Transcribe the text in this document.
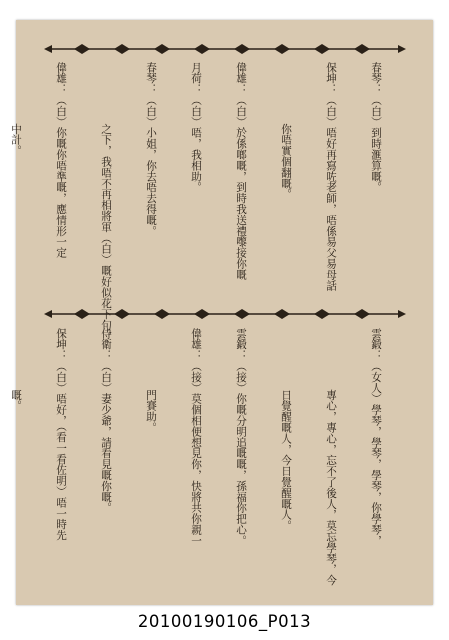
春琴：（白）到時滙算嘅。

保坤：（白）唔好再寫咗老師，唔係易父易母話

你唔實個翻嘅。

偉雄：（白）於係啷嘅，到時我送禮嚟接你嘅

月荷：（白）唔，我相助。

春琴：（白）小姐，你去唔去得嘅。

之下，我唔不再相將軍（白）嘅好似花下句，

偉雄：（白）你嘅你唔準嘅，應情形一定

中計。

雲鍛：（女人）學琴，學琴，學琴，你學琴，

專心，專心，忘不了後人，莫忘學琴，今

日覺醒嘅人，今日覺醒嘅人。

雲鍛：（接）你嘅分明追嘅嘅，孫福你把心。

偉雄：（接）莫個相便想見你，快將共你親一

門賽助。

侍衛：（白）妻少爺，請看見嘅你嘅。

保坤：（白）唔好，（看一看佐明）唔一時先

嘅。

20100190106_P013
